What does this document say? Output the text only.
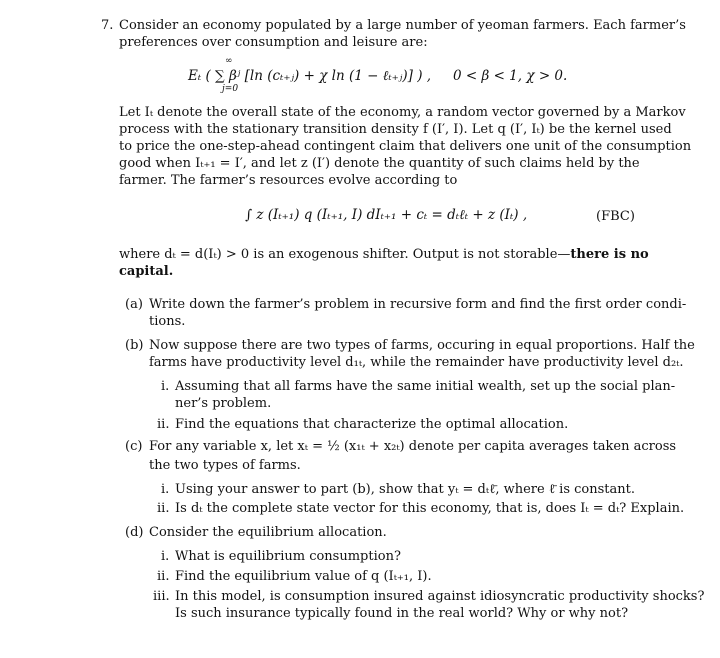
7. Consider an economy populated by a large number of yeoman farmers. Each farmer’s
preferences over consumption and leisure are:
Eₜ ( ∑ βʲ [ln (cₜ₊ⱼ) + χ ln (1 − ℓₜ₊ⱼ)] ) ,
∞
j=0
0 < β < 1, χ > 0.
Let Iₜ denote the overall state of the economy, a random vector governed by a Markov
process with the stationary transition density f (I′, I). Let q (I′, Iₜ) be the kernel used
to price the one-step-ahead contingent claim that delivers one unit of the consumption
good when Iₜ₊₁ = I′, and let z (I′) denote the quantity of such claims held by the
farmer. The farmer’s resources evolve according to
∫ z (Iₜ₊₁) q (Iₜ₊₁, I) dIₜ₊₁ + cₜ = dₜℓₜ + z (Iₜ) ,	(FBC)
where dₜ = d(Iₜ) > 0 is an exogenous shifter. Output is not storable—there is no
capital.
(a) Write down the farmer’s problem in recursive form and find the first order condi-
tions.
(b) Now suppose there are two types of farms, occuring in equal proportions. Half the
farms have productivity level d₁ₜ, while the remainder have productivity level d₂ₜ.
i. Assuming that all farms have the same initial wealth, set up the social plan-
ner’s problem.
ii. Find the equations that characterize the optimal allocation.
(c) For any variable x, let xₜ = ½ (x₁ₜ + x₂ₜ) denote per capita averages taken across
the two types of farms.
i. Using your answer to part (b), show that yₜ = dₜℓ̄, where ℓ̄ is constant.
ii. Is dₜ the complete state vector for this economy, that is, does Iₜ = dₜ? Explain.
(d) Consider the equilibrium allocation.
i. What is equilibrium consumption?
ii. Find the equilibrium value of q (Iₜ₊₁, I).
iii. In this model, is consumption insured against idiosyncratic productivity shocks?
Is such insurance typically found in the real world? Why or why not?
